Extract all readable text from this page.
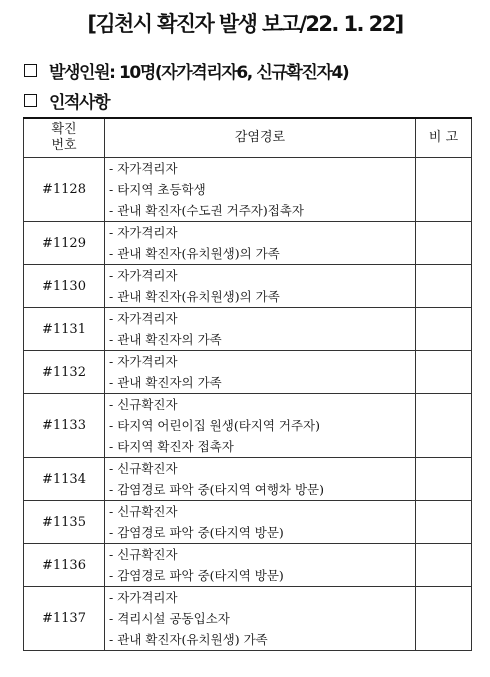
[김천시 확진자 발생 보고/22. 1. 22]
발생인원: 10명(자가격리자6, 신규확진자4)
인적사항
확진
번호	감염경로	비 고
#1128	- 자가격리자
- 타지역 초등학생
- 관내 확진자(수도권 거주자)접촉자	

#1129	- 자가격리자
- 관내 확진자(유치원생)의 가족	

#1130	- 자가격리자
- 관내 확진자(유치원생)의 가족	

#1131	- 자가격리자
- 관내 확진자의 가족	

#1132	- 자가격리자
- 관내 확진자의 가족	

#1133	- 신규확진자
- 타지역 어린이집 원생(타지역 거주자)
- 타지역 확진자 접촉자	

#1134	- 신규확진자
- 감염경로 파악 중(타지역 여행차 방문)	

#1135	- 신규확진자
- 감염경로 파악 중(타지역 방문)	

#1136	- 신규확진자
- 감염경로 파악 중(타지역 방문)	

#1137	- 자가격리자
- 격리시설 공동입소자
- 관내 확진자(유치원생) 가족	
